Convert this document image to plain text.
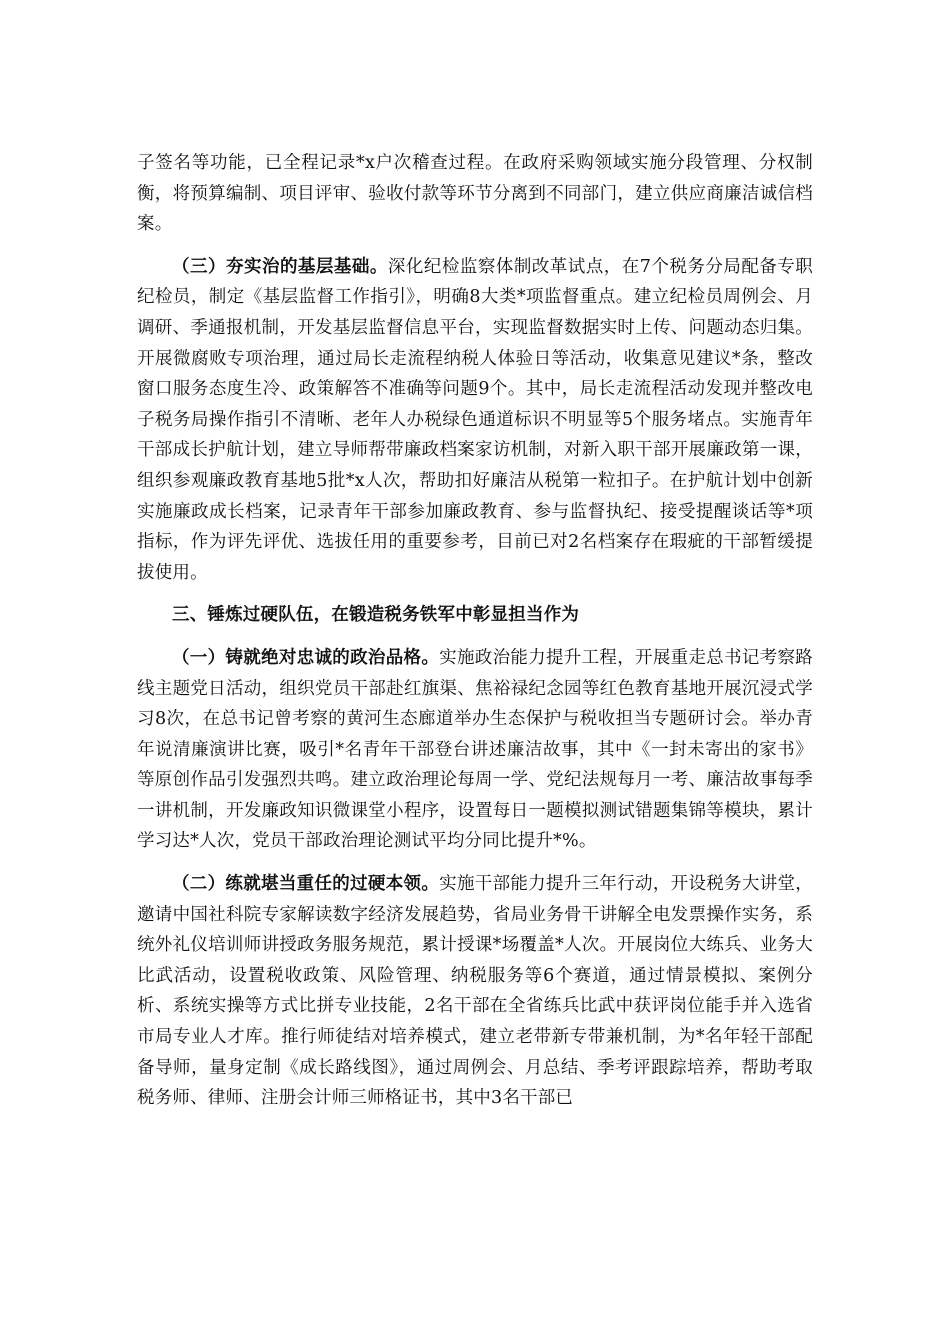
子签名等功能，已全程记录*x户次稽查过程。在政府采购领域实施分段管理、分权制衡，将预算编制、项目评审、验收付款等环节分离到不同部门，建立供应商廉洁诚信档案。

（三）夯实治的基层基础。深化纪检监察体制改革试点，在7个税务分局配备专职纪检员，制定《基层监督工作指引》，明确8大类*项监督重点。建立纪检员周例会、月调研、季通报机制，开发基层监督信息平台，实现监督数据实时上传、问题动态归集。开展微腐败专项治理，通过局长走流程纳税人体验日等活动，收集意见建议*条，整改窗口服务态度生冷、政策解答不准确等问题9个。其中，局长走流程活动发现并整改电子税务局操作指引不清晰、老年人办税绿色通道标识不明显等5个服务堵点。实施青年干部成长护航计划，建立导师帮带廉政档案家访机制，对新入职干部开展廉政第一课，组织参观廉政教育基地5批*x人次，帮助扣好廉洁从税第一粒扣子。在护航计划中创新实施廉政成长档案，记录青年干部参加廉政教育、参与监督执纪、接受提醒谈话等*项指标，作为评先评优、选拔任用的重要参考，目前已对2名档案存在瑕疵的干部暂缓提拔使用。

三、锤炼过硬队伍，在锻造税务铁军中彰显担当作为

（一）铸就绝对忠诚的政治品格。实施政治能力提升工程，开展重走总书记考察路线主题党日活动，组织党员干部赴红旗渠、焦裕禄纪念园等红色教育基地开展沉浸式学习8次，在总书记曾考察的黄河生态廊道举办生态保护与税收担当专题研讨会。举办青年说清廉演讲比赛，吸引*名青年干部登台讲述廉洁故事，其中《一封未寄出的家书》等原创作品引发强烈共鸣。建立政治理论每周一学、党纪法规每月一考、廉洁故事每季一讲机制，开发廉政知识微课堂小程序，设置每日一题模拟测试错题集锦等模块，累计学习达*人次，党员干部政治理论测试平均分同比提升*%。

（二）练就堪当重任的过硬本领。实施干部能力提升三年行动，开设税务大讲堂，邀请中国社科院专家解读数字经济发展趋势，省局业务骨干讲解全电发票操作实务，系统外礼仪培训师讲授政务服务规范，累计授课*场覆盖*人次。开展岗位大练兵、业务大比武活动，设置税收政策、风险管理、纳税服务等6个赛道，通过情景模拟、案例分析、系统实操等方式比拼专业技能，2名干部在全省练兵比武中获评岗位能手并入选省市局专业人才库。推行师徒结对培养模式，建立老带新专带兼机制，为*名年轻干部配备导师，量身定制《成长路线图》，通过周例会、月总结、季考评跟踪培养，帮助考取税务师、律师、注册会计师三师格证书，其中3名干部已
